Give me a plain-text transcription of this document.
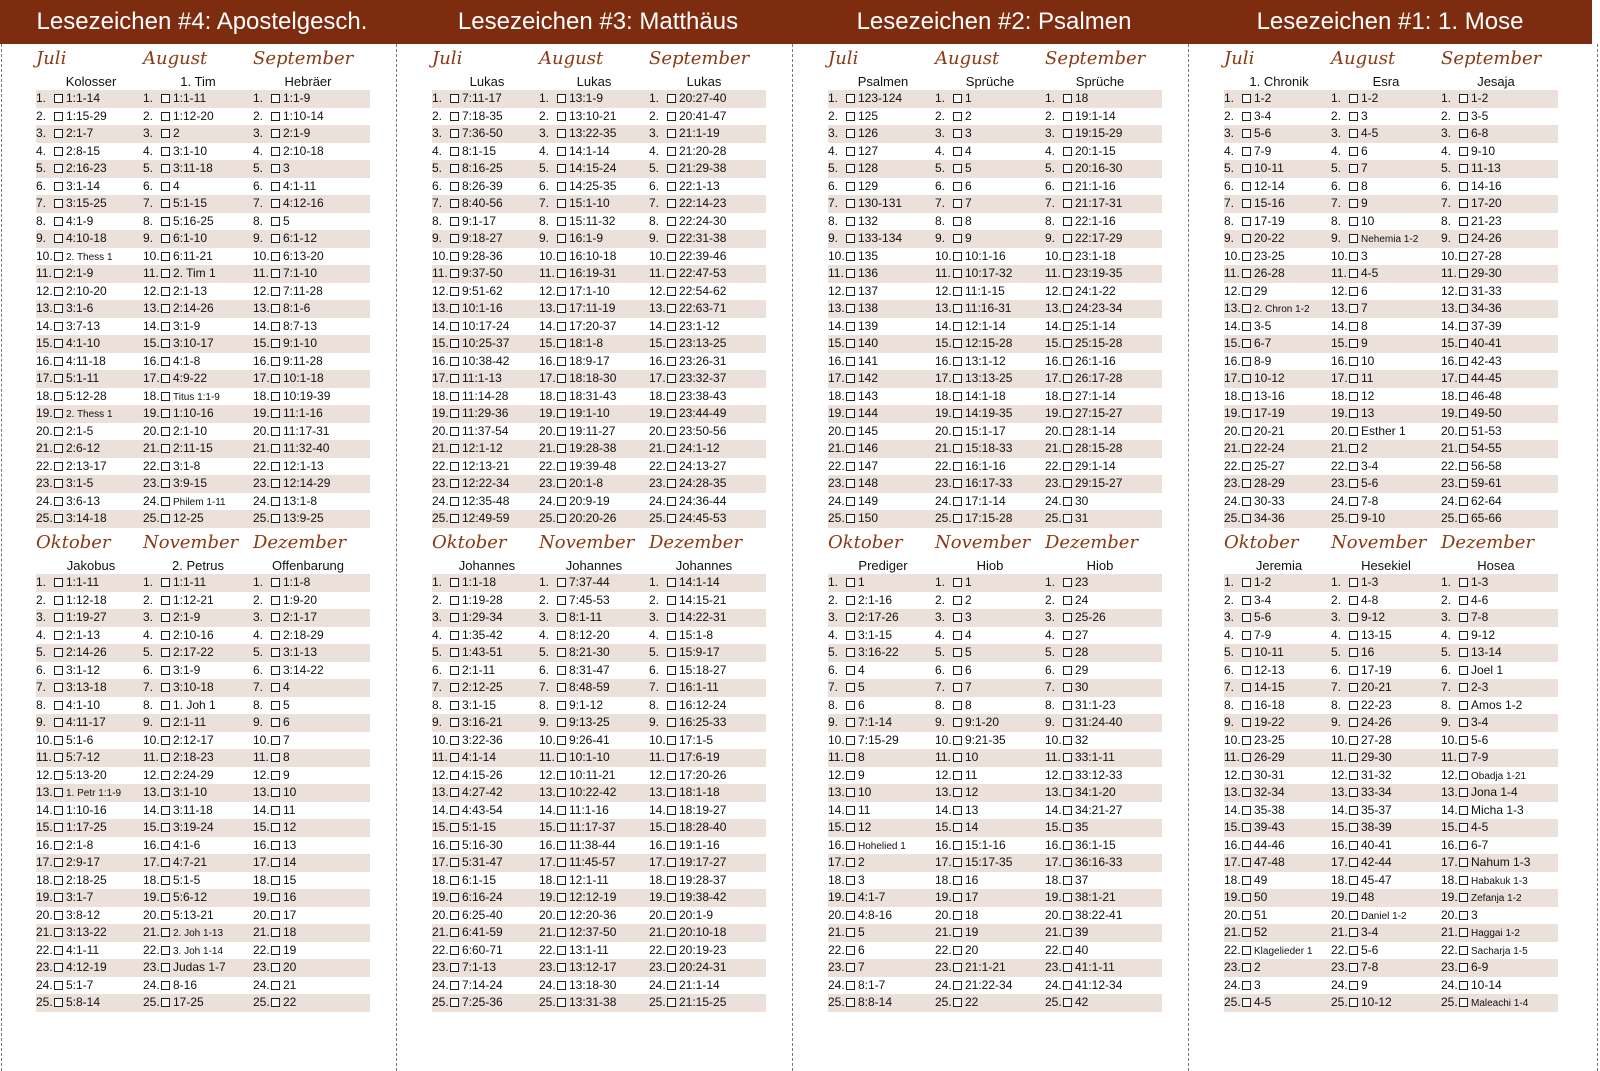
Lesezeichen #4: Apostelgesch.
Juli	August	September
Kolosser	1. Tim	Hebräer
1. 1:1-14	1. 1:1-11	1. 1:1-9
2. 1:15-29	2. 1:12-20	2. 1:10-14
3. 2:1-7	3. 2	3. 2:1-9
4. 2:8-15	4. 3:1-10	4. 2:10-18
5. 2:16-23	5. 3:11-18	5. 3
6. 3:1-14	6. 4	6. 4:1-11
7. 3:15-25	7. 5:1-15	7. 4:12-16
8. 4:1-9	8. 5:16-25	8. 5
9. 4:10-18	9. 6:1-10	9. 6:1-12
10. 2. Thess 1	10. 6:11-21	10. 6:13-20
11. 2:1-9	11. 2. Tim 1	11. 7:1-10
12. 2:10-20	12. 2:1-13	12. 7:11-28
13. 3:1-6	13. 2:14-26	13. 8:1-6
14. 3:7-13	14. 3:1-9	14. 8:7-13
15. 4:1-10	15. 3:10-17	15. 9:1-10
16. 4:11-18	16. 4:1-8	16. 9:11-28
17. 5:1-11	17. 4:9-22	17. 10:1-18
18. 5:12-28	18. Titus 1:1-9	18. 10:19-39
19. 2. Thess 1	19. 1:10-16	19. 11:1-16
20. 2:1-5	20. 2:1-10	20. 11:17-31
21. 2:6-12	21. 2:11-15	21. 11:32-40
22. 2:13-17	22. 3:1-8	22. 12:1-13
23. 3:1-5	23. 3:9-15	23. 12:14-29
24. 3:6-13	24. Philem 1-11	24. 13:1-8
25. 3:14-18	25. 12-25	25. 13:9-25
Oktober	November Dezember
Jakobus	2. Petrus	Offenbarung
1. 1:1-11	1. 1:1-11	1. 1:1-8
2. 1:12-18	2. 1:12-21	2. 1:9-20
3. 1:19-27	3. 2:1-9	3. 2:1-17
4. 2:1-13	4. 2:10-16	4. 2:18-29
5. 2:14-26	5. 2:17-22	5. 3:1-13
6. 3:1-12	6. 3:1-9	6. 3:14-22
7. 3:13-18	7. 3:10-18	7. 4
8. 4:1-10	8. 1. Joh 1	8. 5
9. 4:11-17	9. 2:1-11	9. 6
10. 5:1-6	10. 2:12-17	10. 7
11. 5:7-12	11. 2:18-23	11. 8
12. 5:13-20	12. 2:24-29	12. 9
13. 1. Petr 1:1-9	13. 3:1-10	13. 10
14. 1:10-16	14. 3:11-18	14. 11
15. 1:17-25	15. 3:19-24	15. 12
16. 2:1-8	16. 4:1-6	16. 13
17. 2:9-17	17. 4:7-21	17. 14
18. 2:18-25	18. 5:1-5	18. 15
19. 3:1-7	19. 5:6-12	19. 16
20. 3:8-12	20. 5:13-21	20. 17
21. 3:13-22	21. 2. Joh 1-13	21. 18
22. 4:1-11	22. 3. Joh 1-14	22. 19
23. 4:12-19	23. Judas 1-7	23. 20
24. 5:1-7	24. 8-16	24. 21
25. 5:8-14	25. 17-25	25. 22
Lesezeichen #3: Matthäus
Juli	August	September
Lukas	Lukas	Lukas
1. 7:11-17	1. 13:1-9	1. 20:27-40
2. 7:18-35	2. 13:10-21	2. 20:41-47
3. 7:36-50	3. 13:22-35	3. 21:1-19
4. 8:1-15	4. 14:1-14	4. 21:20-28
5. 8:16-25	5. 14:15-24	5. 21:29-38
6. 8:26-39	6. 14:25-35	6. 22:1-13
7. 8:40-56	7. 15:1-10	7. 22:14-23
8. 9:1-17	8. 15:11-32	8. 22:24-30
9. 9:18-27	9. 16:1-9	9. 22:31-38
10. 9:28-36	10. 16:10-18	10. 22:39-46
11. 9:37-50	11. 16:19-31	11. 22:47-53
12. 9:51-62	12. 17:1-10	12. 22:54-62
13. 10:1-16	13. 17:11-19	13. 22:63-71
14. 10:17-24	14. 17:20-37	14. 23:1-12
15. 10:25-37	15. 18:1-8	15. 23:13-25
16. 10:38-42	16. 18:9-17	16. 23:26-31
17. 11:1-13	17. 18:18-30	17. 23:32-37
18. 11:14-28	18. 18:31-43	18. 23:38-43
19. 11:29-36	19. 19:1-10	19. 23:44-49
20. 11:37-54	20. 19:11-27	20. 23:50-56
21. 12:1-12	21. 19:28-38	21. 24:1-12
22. 12:13-21	22. 19:39-48	22. 24:13-27
23. 12:22-34	23. 20:1-8	23. 24:28-35
24. 12:35-48	24. 20:9-19	24. 24:36-44
25. 12:49-59	25. 20:20-26	25. 24:45-53
Oktober	November Dezember
Johannes	Johannes	Johannes
1. 1:1-18	1. 7:37-44	1. 14:1-14
2. 1:19-28	2. 7:45-53	2. 14:15-21
3. 1:29-34	3. 8:1-11	3. 14:22-31
4. 1:35-42	4. 8:12-20	4. 15:1-8
5. 1:43-51	5. 8:21-30	5. 15:9-17
6. 2:1-11	6. 8:31-47	6. 15:18-27
7. 2:12-25	7. 8:48-59	7. 16:1-11
8. 3:1-15	8. 9:1-12	8. 16:12-24
9. 3:16-21	9. 9:13-25	9. 16:25-33
10. 3:22-36	10. 9:26-41	10. 17:1-5
11. 4:1-14	11. 10:1-10	11. 17:6-19
12. 4:15-26	12. 10:11-21	12. 17:20-26
13. 4:27-42	13. 10:22-42	13. 18:1-18
14. 4:43-54	14. 11:1-16	14. 18:19-27
15. 5:1-15	15. 11:17-37	15. 18:28-40
16. 5:16-30	16. 11:38-44	16. 19:1-16
17. 5:31-47	17. 11:45-57	17. 19:17-27
18. 6:1-15	18. 12:1-11	18. 19:28-37
19. 6:16-24	19. 12:12-19	19. 19:38-42
20. 6:25-40	20. 12:20-36	20. 20:1-9
21. 6:41-59	21. 12:37-50	21. 20:10-18
22. 6:60-71	22. 13:1-11	22. 20:19-23
23. 7:1-13	23. 13:12-17	23. 20:24-31
24. 7:14-24	24. 13:18-30	24. 21:1-14
25. 7:25-36	25. 13:31-38	25. 21:15-25
Lesezeichen #2: Psalmen
Juli	August	September
Psalmen	Sprüche	Sprüche
1. 123-124	1. 1	1. 18
2. 125	2. 2	2. 19:1-14
3. 126	3. 3	3. 19:15-29
4. 127	4. 4	4. 20:1-15
5. 128	5. 5	5. 20:16-30
6. 129	6. 6	6. 21:1-16
7. 130-131	7. 7	7. 21:17-31
8. 132	8. 8	8. 22:1-16
9. 133-134	9. 9	9. 22:17-29
10. 135	10. 10:1-16	10. 23:1-18
11. 136	11. 10:17-32	11. 23:19-35
12. 137	12. 11:1-15	12. 24:1-22
13. 138	13. 11:16-31	13. 24:23-34
14. 139	14. 12:1-14	14. 25:1-14
15. 140	15. 12:15-28	15. 25:15-28
16. 141	16. 13:1-12	16. 26:1-16
17. 142	17. 13:13-25	17. 26:17-28
18. 143	18. 14:1-18	18. 27:1-14
19. 144	19. 14:19-35	19. 27:15-27
20. 145	20. 15:1-17	20. 28:1-14
21. 146	21. 15:18-33	21. 28:15-28
22. 147	22. 16:1-16	22. 29:1-14
23. 148	23. 16:17-33	23. 29:15-27
24. 149	24. 17:1-14	24. 30
25. 150	25. 17:15-28	25. 31
Oktober	November Dezember
Prediger	Hiob	Hiob
1. 1	1. 1	1. 23
2. 2:1-16	2. 2	2. 24
3. 2:17-26	3. 3	3. 25-26
4. 3:1-15	4. 4	4. 27
5. 3:16-22	5. 5	5. 28
6. 4	6. 6	6. 29
7. 5	7. 7	7. 30
8. 6	8. 8	8. 31:1-23
9. 7:1-14	9. 9:1-20	9. 31:24-40
10. 7:15-29	10. 9:21-35	10. 32
11. 8	11. 10	11. 33:1-11
12. 9	12. 11	12. 33:12-33
13. 10	13. 12	13. 34:1-20
14. 11	14. 13	14. 34:21-27
15. 12	15. 14	15. 35
16. Hohelied 1	16. 15:1-16	16. 36:1-15
17. 2	17. 15:17-35	17. 36:16-33
18. 3	18. 16	18. 37
19. 4:1-7	19. 17	19. 38:1-21
20. 4:8-16	20. 18	20. 38:22-41
21. 5	21. 19	21. 39
22. 6	22. 20	22. 40
23. 7	23. 21:1-21	23. 41:1-11
24. 8:1-7	24. 21:22-34	24. 41:12-34
25. 8:8-14	25. 22	25. 42
Lesezeichen #1: 1. Mose
Juli	August	September
1. Chronik	Esra	Jesaja
1. 1-2	1. 1-2	1. 1-2
2. 3-4	2. 3	2. 3-5
3. 5-6	3. 4-5	3. 6-8
4. 7-9	4. 6	4. 9-10
5. 10-11	5. 7	5. 11-13
6. 12-14	6. 8	6. 14-16
7. 15-16	7. 9	7. 17-20
8. 17-19	8. 10	8. 21-23
9. 20-22	9. Nehemia 1-2	9. 24-26
10. 23-25	10. 3	10. 27-28
11. 26-28	11. 4-5	11. 29-30
12. 29	12. 6	12. 31-33
13. 2. Chron 1-2	13. 7	13. 34-36
14. 3-5	14. 8	14. 37-39
15. 6-7	15. 9	15. 40-41
16. 8-9	16. 10	16. 42-43
17. 10-12	17. 11	17. 44-45
18. 13-16	18. 12	18. 46-48
19. 17-19	19. 13	19. 49-50
20. 20-21	20. Esther 1	20. 51-53
21. 22-24	21. 2	21. 54-55
22. 25-27	22. 3-4	22. 56-58
23. 28-29	23. 5-6	23. 59-61
24. 30-33	24. 7-8	24. 62-64
25. 34-36	25. 9-10	25. 65-66
Oktober	November Dezember
Jeremia	Hesekiel	Hosea
1. 1-2	1. 1-3	1. 1-3
2. 3-4	2. 4-8	2. 4-6
3. 5-6	3. 9-12	3. 7-8
4. 7-9	4. 13-15	4. 9-12
5. 10-11	5. 16	5. 13-14
6. 12-13	6. 17-19	6. Joel 1
7. 14-15	7. 20-21	7. 2-3
8. 16-18	8. 22-23	8. Amos 1-2
9. 19-22	9. 24-26	9. 3-4
10. 23-25	10. 27-28	10. 5-6
11. 26-29	11. 29-30	11. 7-9
12. 30-31	12. 31-32	12. Obadja 1-21
13. 32-34	13. 33-34	13. Jona 1-4
14. 35-38	14. 35-37	14. Micha 1-3
15. 39-43	15. 38-39	15. 4-5
16. 44-46	16. 40-41	16. 6-7
17. 47-48	17. 42-44	17. Nahum 1-3
18. 49	18. 45-47	18. Habakuk 1-3
19. 50	19. 48	19. Zefanja 1-2
20. 51	20. Daniel 1-2	20. 3
21. 52	21. 3-4	21. Haggai 1-2
22. Klagelieder 1	22. 5-6	22. Sacharja 1-5
23. 2	23. 7-8	23. 6-9
24. 3	24. 9	24. 10-14
25. 4-5	25. 10-12	25. Maleachi 1-4
